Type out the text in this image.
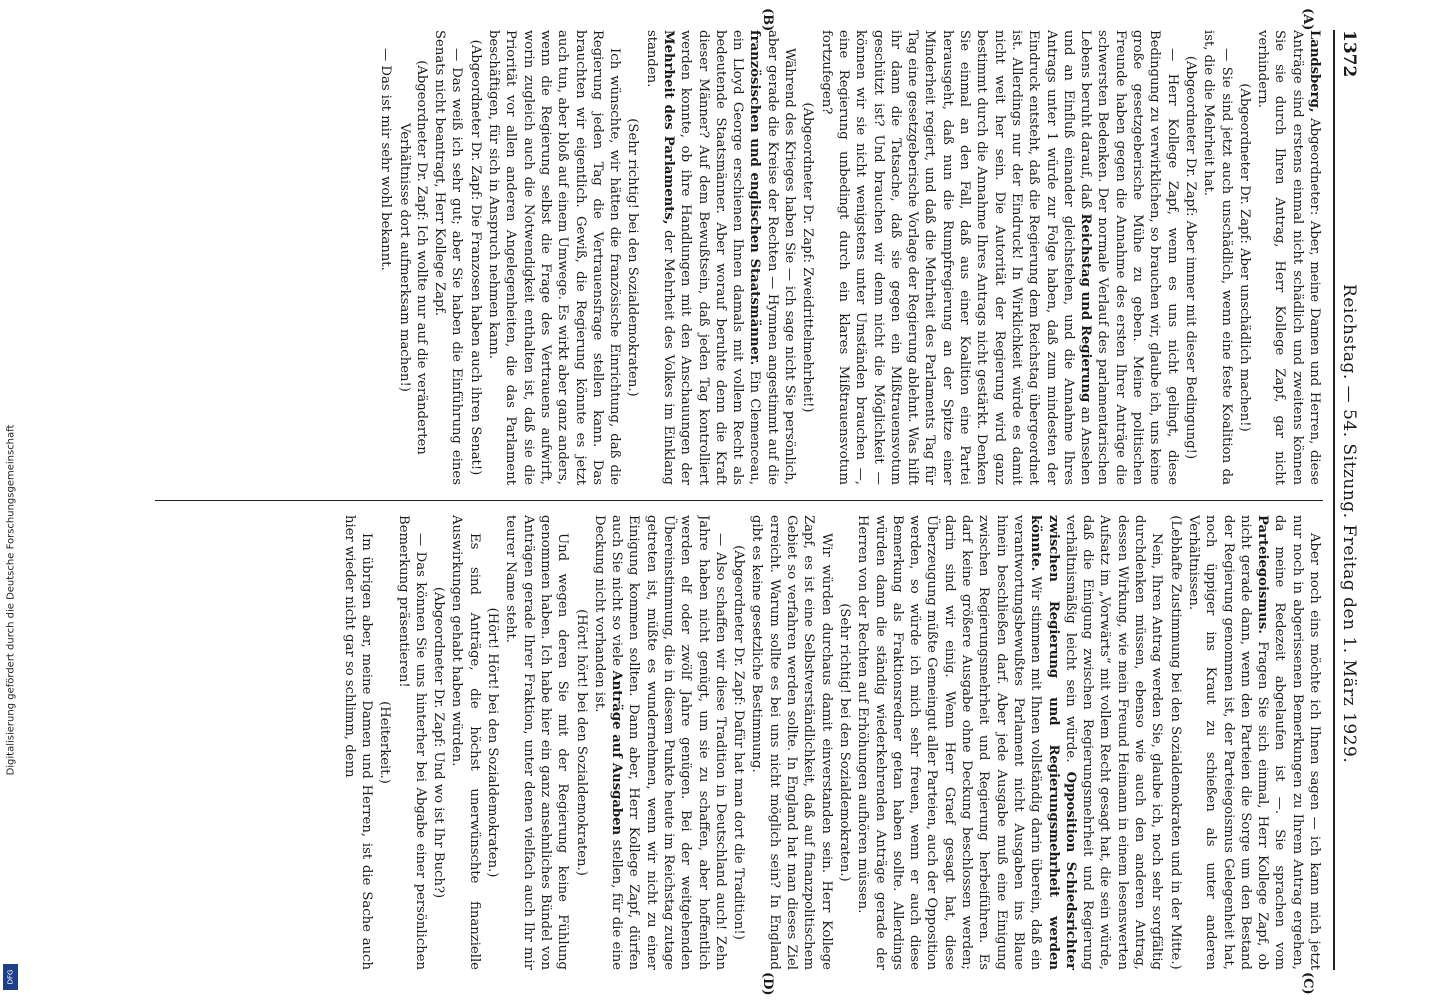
Digitalisierung gefördert durch die Deutsche Forschungsgemeinschaft
DFG
1372
Reichstag. — 54. Sitzung. Freitag den 1. März 1929.
(A)
(B)
(C)
(D)

Landsberg, Abgeordneter: Aber, meine Damen und Herren, diese Anträge sind erstens einmal nicht schädlich und zweitens können Sie sie durch Ihren Antrag, Herr Kollege Zapf, gar nicht verhindern.

(Abgeordneter Dr. Zapf: Aber unschädlich machen!)

— Sie sind jetzt auch unschädlich, wenn eine feste Koalition da ist, die die Mehrheit hat.

(Abgeordneter Dr. Zapf: Aber immer mit dieser Bedingung!)

— Herr Kollege Zapf, wenn es uns nicht gelingt, diese Bedingung zu verwirklichen, so brauchen wir, glaube ich, uns keine große gesetzgeberische Mühe zu geben. Meine politischen Freunde haben gegen die Annahme des ersten Ihrer Anträge die schwersten Bedenken. Der normale Verlauf des parlamentarischen Lebens beruht darauf, daß Reichstag und Regierung an Ansehen und an Einfluß einander gleichstehen, und die Annahme Ihres Antrags unter 1 würde zur Folge haben, daß zum mindesten der Eindruck entsteht, daß die Regierung dem Reichstag übergeordnet ist. Allerdings nur der Eindruck! In Wirklichkeit würde es damit nicht weit her sein. Die Autorität der Regierung wird ganz bestimmt durch die Annahme Ihres Antrags nicht gestärkt. Denken Sie einmal an den Fall, daß aus einer Koalition eine Partei herausgeht, daß nun die Rumpfregierung an der Spitze einer Minderheit regiert, und daß die Mehrheit des Parlaments Tag für Tag eine gesetzgeberische Vorlage der Regierung ablehnt. Was hilft ihr dann die Tatsache, daß sie gegen ein Mißtrauensvotum geschützt ist? Und brauchen wir denn nicht die Möglichkeit — können wir sie nicht wenigstens unter Umständen brauchen —, eine Regierung unbedingt durch ein klares Mißtrauensvotum fortzufegen?

(Abgeordneter Dr. Zapf: Zweidrittelmehrheit!)

Während des Krieges haben Sie — ich sage nicht Sie persönlich, aber gerade die Kreise der Rechten — Hymnen angestimmt auf die französischen und englischen Staatsmänner. Ein Clemenceau, ein Lloyd George erschienen Ihnen damals mit vollem Recht als bedeutende Staatsmänner. Aber worauf beruhte denn die Kraft dieser Männer? Auf dem Bewußtsein, daß jeden Tag kontrolliert werden konnte, ob ihre Handlungen mit den Anschauungen der Mehrheit des Parlaments, der Mehrheit des Volkes im Einklang standen.

(Sehr richtig! bei den Sozialdemokraten.)

Ich wünschte, wir hätten die französische Einrichtung, daß die Regierung jeden Tag die Vertrauensfrage stellen kann. Das brauchten wir eigentlich. Gewiß, die Regierung könnte es jetzt auch tun, aber bloß auf einem Umwege. Es wirkt aber ganz anders, wenn die Regierung selbst die Frage des Vertrauens aufwirft, worin zugleich auch die Notwendigkeit enthalten ist, daß sie die Priorität vor allen anderen Angelegenheiten, die das Parlament beschäftigen, für sich in Anspruch nehmen kann.

(Abgeordneter Dr. Zapf: Die Franzosen haben auch ihren Senat!)

— Das weiß ich sehr gut; aber Sie haben die Einführung eines Senats nicht beantragt, Herr Kollege Zapf.

(Abgeordneter Dr. Zapf: Ich wollte nur auf die veränderten Verhältnisse dort aufmerksam machen!)

— Das ist mir sehr wohl bekannt.

Aber noch eins möchte ich Ihnen sagen — ich kann mich jetzt nur noch in abgerissenen Bemerkungen zu Ihrem Antrag ergehen, da meine Redezeit abgelaufen ist —. Sie sprachen vom Parteiegoismus. Fragen Sie sich einmal, Herr Kollege Zapf, ob nicht gerade dann, wenn den Parteien die Sorge um den Bestand der Regierung genommen ist, der Parteiegoismus Gelegenheit hat, noch üppiger ins Kraut zu schießen als unter anderen Verhältnissen.

(Lebhafte Zustimmung bei den Sozialdemokraten und in der Mitte.)

Nein, Ihren Antrag werden Sie, glaube ich, noch sehr sorgfältig durchdenken müssen, ebenso wie auch den anderen Antrag, dessen Wirkung, wie mein Freund Heimann in einem lesenswerten Aufsatz im „Vorwärts“ mit vollem Recht gesagt hat, die sein würde, daß die Einigung zwischen Regierungsmehrheit und Regierung verhältnismäßig leicht sein würde. Opposition Schiedsrichter zwischen Regierung und Regierungsmehrheit werden könnte. Wir stimmen mit Ihnen vollständig darin überein, daß ein verantwortungsbewußtes Parlament nicht Ausgaben ins Blaue hinein beschließen darf. Aber jede Ausgabe muß eine Einigung zwischen Regierungsmehrheit und Regierung herbeiführen. Es darf keine größere Ausgabe ohne Deckung beschlossen werden; darin sind wir einig. Wenn Herr Graef gesagt hat, diese Überzeugung müßte Gemeingut aller Parteien, auch der Opposition werden, so würde ich mich sehr freuen, wenn er auch diese Bemerkung als Fraktionsredner getan haben sollte. Allerdings würden dann die ständig wiederkehrenden Anträge gerade der Herren von der Rechten auf Erhöhungen aufhören müssen.

(Sehr richtig! bei den Sozialdemokraten.)

Wir würden durchaus damit einverstanden sein. Herr Kollege Zapf, es ist eine Selbstverständlichkeit, daß auf finanzpolitischem Gebiet so verfahren werden sollte. In England hat man dieses Ziel erreicht. Warum sollte es bei uns nicht möglich sein? In England gibt es keine gesetzliche Bestimmung.

(Abgeordneter Dr. Zapf: Dafür hat man dort die Tradition!)

— Also schaffen wir diese Tradition in Deutschland auch! Zehn Jahre haben nicht genügt, um sie zu schaffen, aber hoffentlich werden elf oder zwölf Jahre genügen. Bei der weitgehenden Übereinstimmung, die in diesem Punkte heute im Reichstag zutage getreten ist, müßte es wundernehmen, wenn wir nicht zu einer Einigung kommen sollten. Dann aber, Herr Kollege Zapf, dürfen auch Sie nicht so viele Anträge auf Ausgaben stellen, für die eine Deckung nicht vorhanden ist.

(Hört! hört! bei den Sozialdemokraten.)

Und wegen deren Sie mit der Regierung keine Fühlung genommen haben. Ich habe hier ein ganz ansehnliches Bündel von Anträgen gerade Ihrer Fraktion, unter denen vielfach auch Ihr mir teurer Name steht.

(Hört! Hört! bei den Sozialdemokraten.)

Es sind Anträge, die höchst unerwünschte finanzielle Auswirkungen gehabt haben würden.

(Abgeordneter Dr. Zapf: Und wo ist Ihr Buch?)

— Das können Sie uns hinterher bei Abgabe einer persönlichen Bemerkung präsentieren!

(Heiterkeit.)

Im übrigen aber, meine Damen und Herren, ist die Sache auch hier wieder nicht gar so schlimm, denn
